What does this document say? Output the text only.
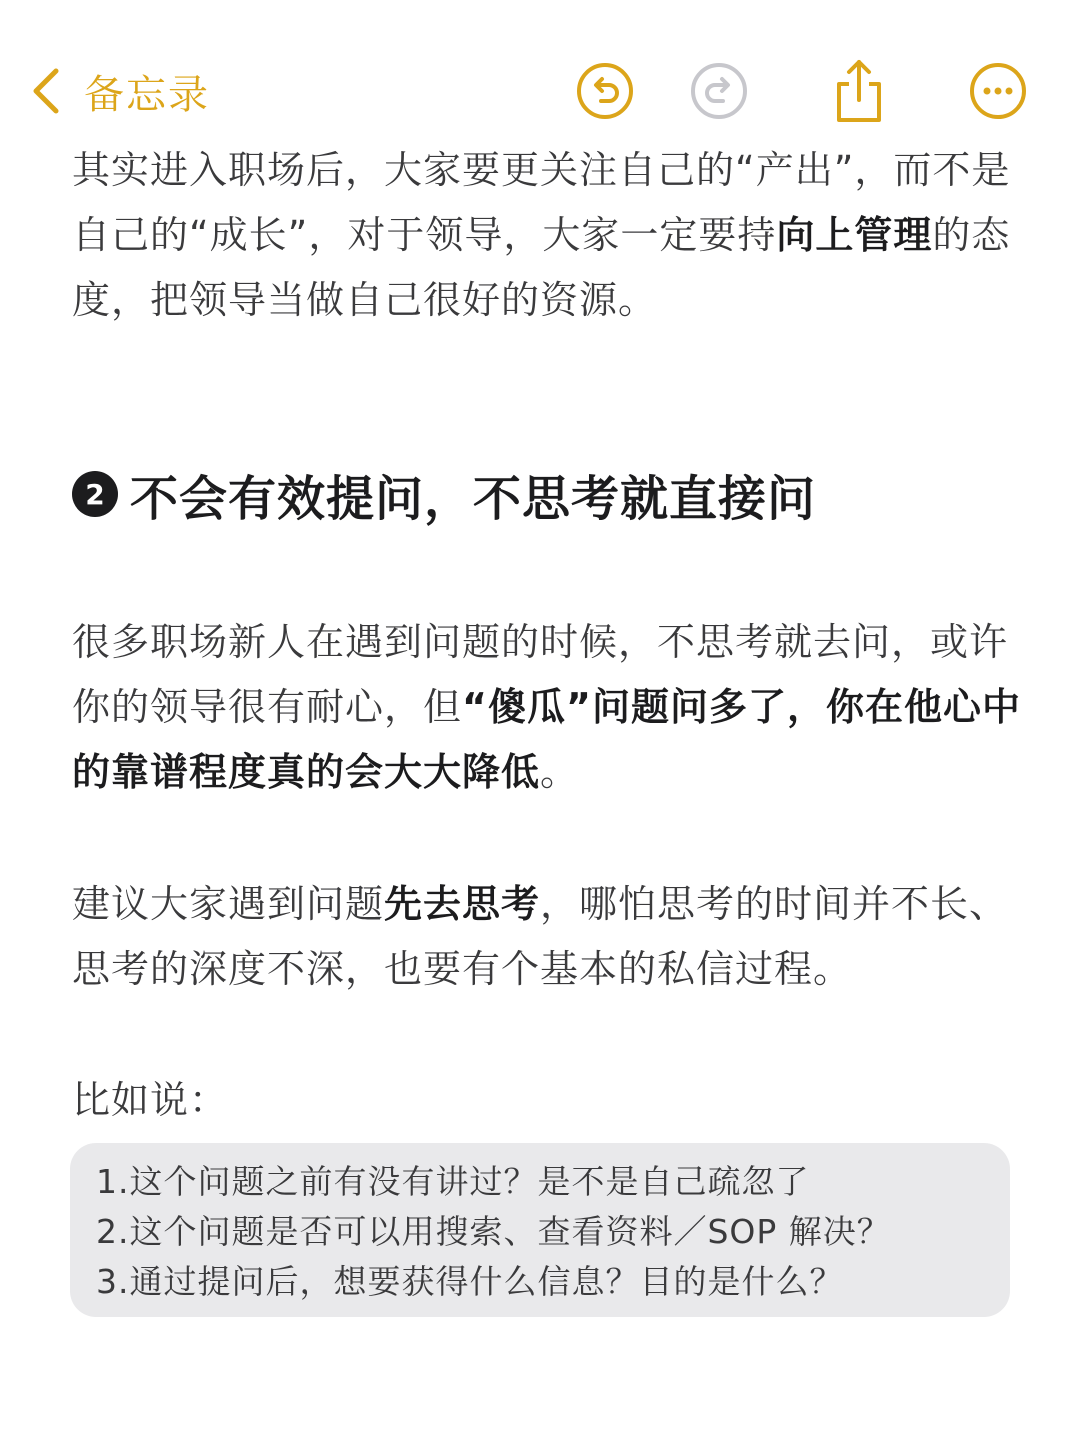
备忘录

其实进入职场后，大家要更关注自己的“产出”，而不是自己的“成长”，对于领导，大家一定要持向上管理的态度，把领导当做自己很好的资源。

2 不会有效提问，不思考就直接问

很多职场新人在遇到问题的时候，不思考就去问，或许你的领导很有耐心，但“傻瓜”问题问多了，你在他心中的靠谱程度真的会大大降低。

建议大家遇到问题先去思考，哪怕思考的时间并不长、思考的深度不深，也要有个基本的私信过程。

比如说：

1.这个问题之前有没有讲过？是不是自己疏忽了
2.这个问题是否可以用搜索、查看资料／SOP 解决？
3.通过提问后，想要获得什么信息？目的是什么？
